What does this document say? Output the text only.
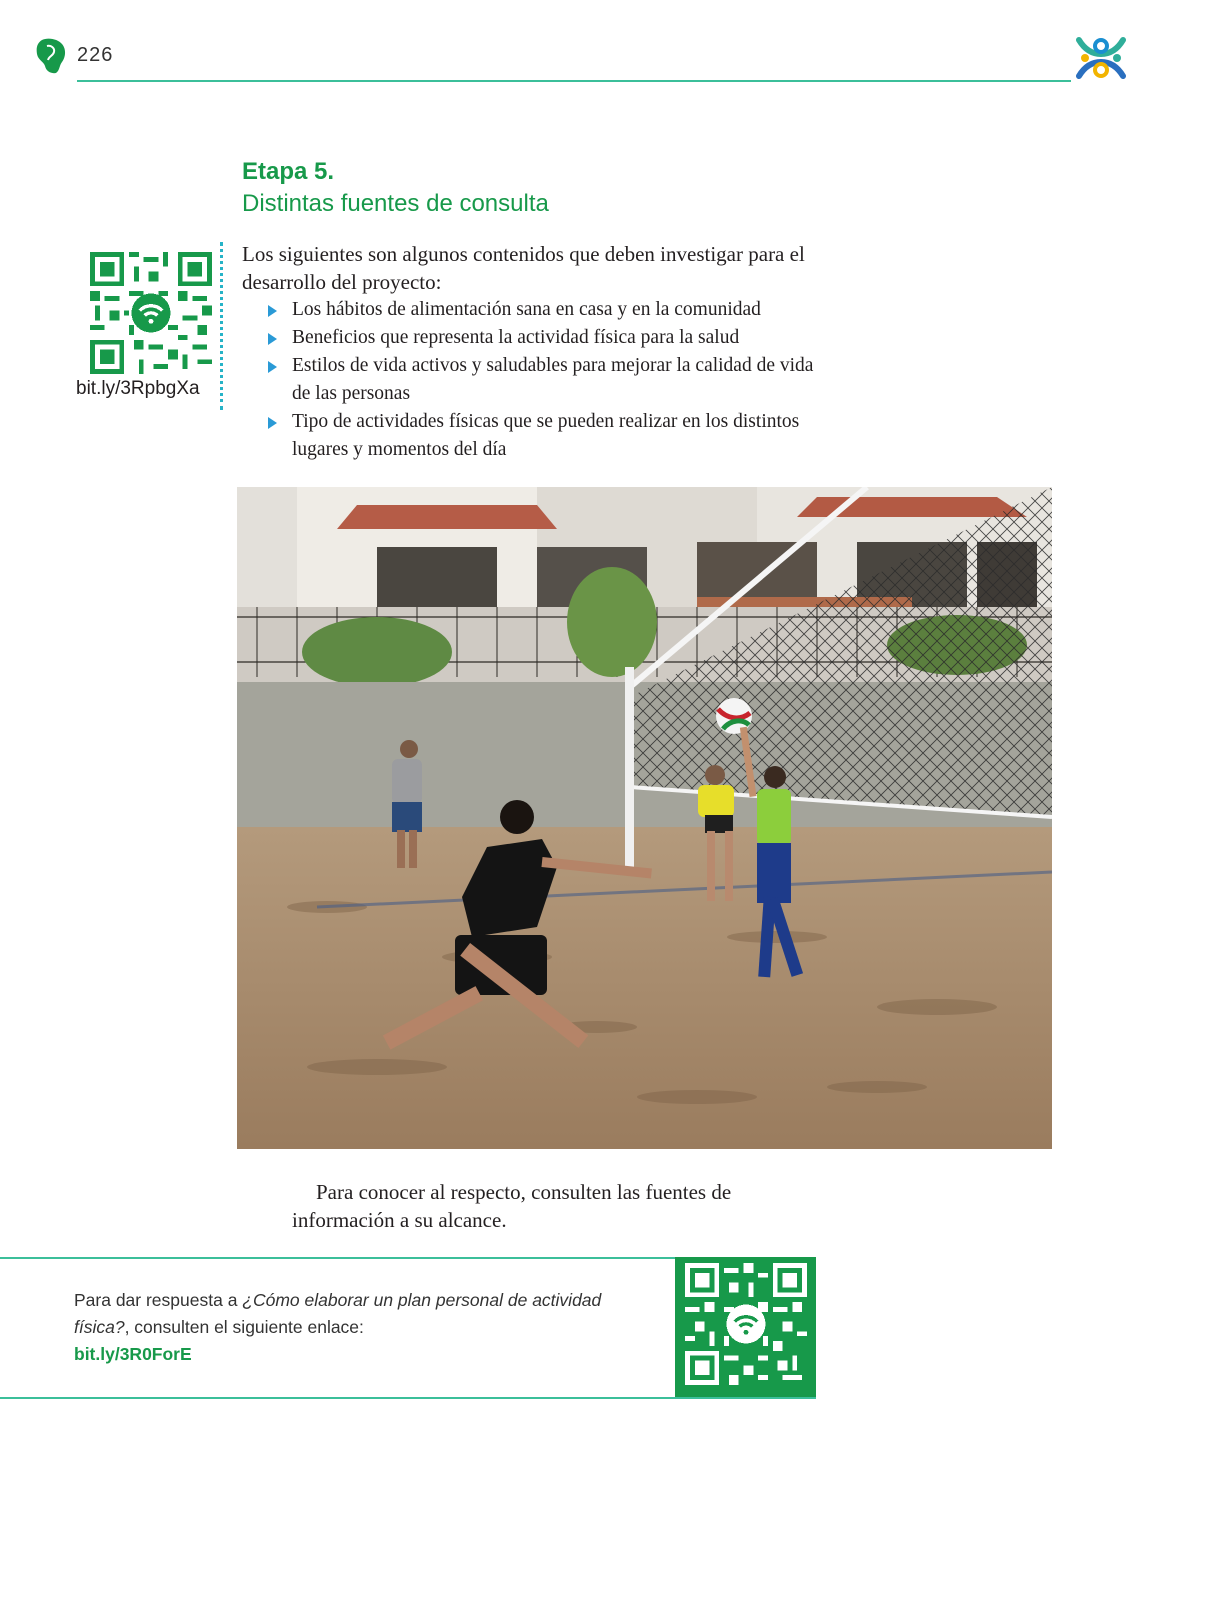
226
Etapa 5.
Distintas fuentes de consulta
bit.ly/3RpbgXa

Los siguientes son algunos contenidos que deben investigar para el desarrollo del proyecto:

Los hábitos de alimentación sana en casa y en la comunidad
Beneficios que representa la actividad física para la salud
Estilos de vida activos y saludables para mejorar la calidad de vida de las personas
Tipo de actividades físicas que se pueden realizar en los distintos lugares y momentos del día

Para conocer al respecto, consulten las fuentes de información a su alcance.

Para dar respuesta a ¿Cómo elaborar un plan personal de actividad física?, consulten el siguiente enlace:
bit.ly/3R0ForE
